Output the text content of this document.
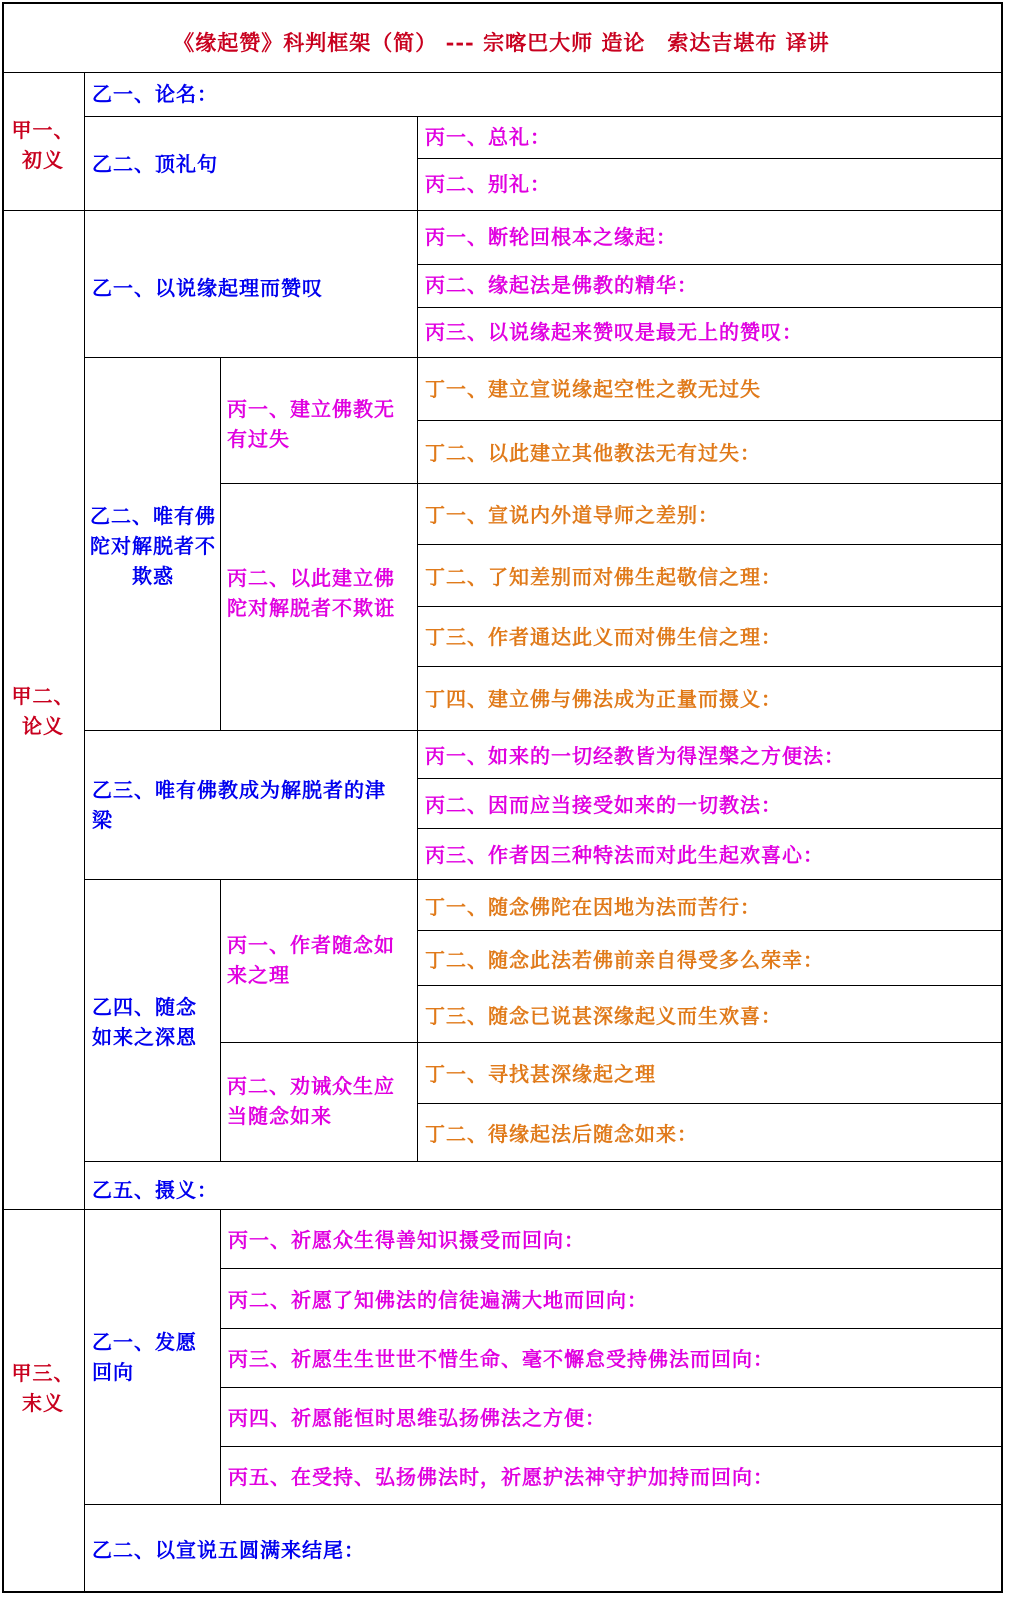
《缘起赞》科判框架（简） --- 宗喀巴大师 造论　索达吉堪布 译讲
甲一、初义
乙一、论名：
乙二、顶礼句
丙一、总礼：
丙二、别礼：
甲二、论义
乙一、以说缘起理而赞叹
丙一、断轮回根本之缘起：
丙二、缘起法是佛教的精华：
丙三、以说缘起来赞叹是最无上的赞叹：
乙二、唯有佛陀对解脱者不欺惑
丙一、建立佛教无有过失
丁一、建立宣说缘起空性之教无过失
丁二、以此建立其他教法无有过失：
丙二、以此建立佛陀对解脱者不欺诳
丁一、宣说内外道导师之差别：
丁二、了知差别而对佛生起敬信之理：
丁三、作者通达此义而对佛生信之理：
丁四、建立佛与佛法成为正量而摄义：
乙三、唯有佛教成为解脱者的津梁
丙一、如来的一切经教皆为得涅槃之方便法：
丙二、因而应当接受如来的一切教法：
丙三、作者因三种特法而对此生起欢喜心：
乙四、随念如来之深恩
丙一、作者随念如来之理
丁一、随念佛陀在因地为法而苦行：
丁二、随念此法若佛前亲自得受多么荣幸：
丁三、随念已说甚深缘起义而生欢喜：
丙二、劝诫众生应当随念如来
丁一、寻找甚深缘起之理
丁二、得缘起法后随念如来：
乙五、摄义：
甲三、末义
乙一、发愿回向
丙一、祈愿众生得善知识摄受而回向：
丙二、祈愿了知佛法的信徒遍满大地而回向：
丙三、祈愿生生世世不惜生命、毫不懈怠受持佛法而回向：
丙四、祈愿能恒时思维弘扬佛法之方便：
丙五、在受持、弘扬佛法时，祈愿护法神守护加持而回向：
乙二、以宣说五圆满来结尾：
